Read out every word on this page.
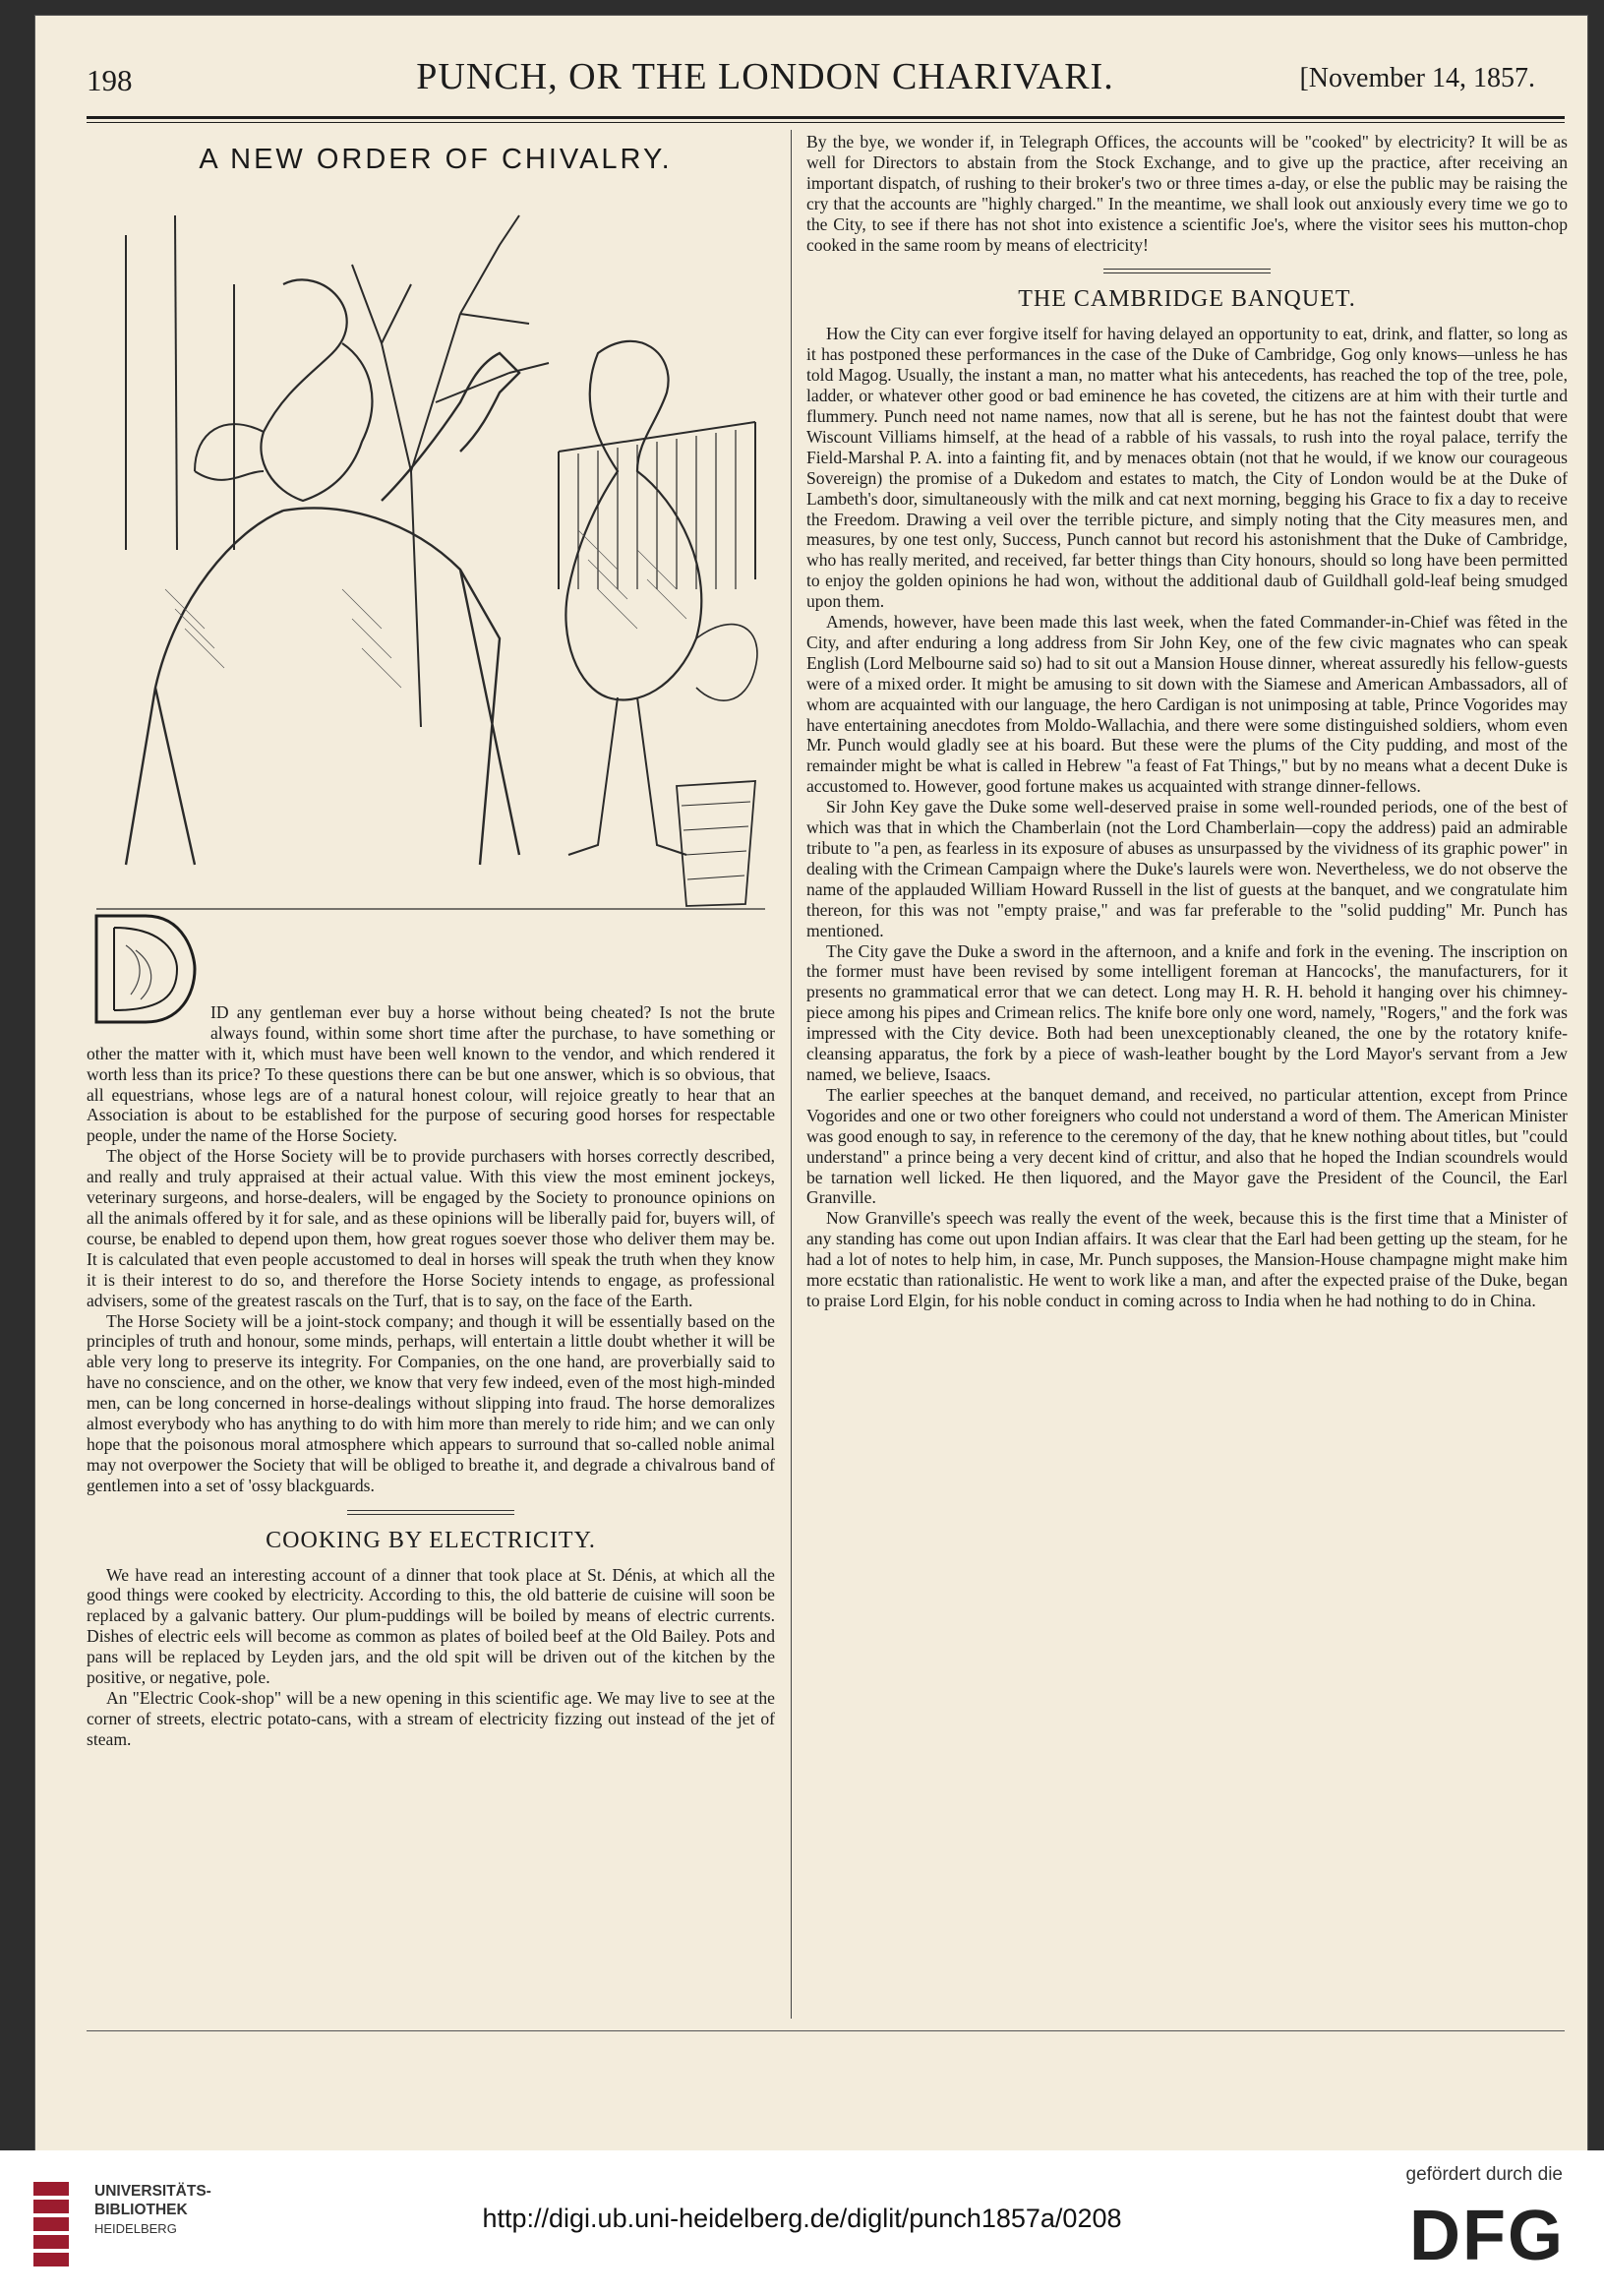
198	PUNCH, OR THE LONDON CHARIVARI.	[November 14, 1857.
A NEW ORDER OF CHIVALRY.

ID any gentleman ever buy a horse without being cheated? Is not the brute always found, within some short time after the purchase, to have something or other the matter with it, which must have been well known to the vendor, and which rendered it worth less than its price? To these questions there can be but one answer, which is so obvious, that all equestrians, whose legs are of a natural honest colour, will rejoice greatly to hear that an Association is about to be established for the purpose of securing good horses for respectable people, under the name of the Horse Society.

The object of the Horse Society will be to provide purchasers with horses correctly described, and really and truly appraised at their actual value. With this view the most eminent jockeys, veterinary surgeons, and horse-dealers, will be engaged by the Society to pronounce opinions on all the animals offered by it for sale, and as these opinions will be liberally paid for, buyers will, of course, be enabled to depend upon them, how great rogues soever those who deliver them may be. It is calculated that even people accustomed to deal in horses will speak the truth when they know it is their interest to do so, and therefore the Horse Society intends to engage, as professional advisers, some of the greatest rascals on the Turf, that is to say, on the face of the Earth.

The Horse Society will be a joint-stock company; and though it will be essentially based on the principles of truth and honour, some minds, perhaps, will entertain a little doubt whether it will be able very long to preserve its integrity. For Companies, on the one hand, are proverbially said to have no conscience, and on the other, we know that very few indeed, even of the most high-minded men, can be long concerned in horse-dealings without slipping into fraud. The horse demoralizes almost everybody who has anything to do with him more than merely to ride him; and we can only hope that the poisonous moral atmosphere which appears to surround that so-called noble animal may not overpower the Society that will be obliged to breathe it, and degrade a chivalrous band of gentlemen into a set of 'ossy blackguards.

COOKING BY ELECTRICITY.

We have read an interesting account of a dinner that took place at St. Dénis, at which all the good things were cooked by electricity. According to this, the old batterie de cuisine will soon be replaced by a galvanic battery. Our plum-puddings will be boiled by means of electric currents. Dishes of electric eels will become as common as plates of boiled beef at the Old Bailey. Pots and pans will be replaced by Leyden jars, and the old spit will be driven out of the kitchen by the positive, or negative, pole.

An "Electric Cook-shop" will be a new opening in this scientific age. We may live to see at the corner of streets, electric potato-cans, with a stream of electricity fizzing out instead of the jet of steam.

By the bye, we wonder if, in Telegraph Offices, the accounts will be "cooked" by electricity? It will be as well for Directors to abstain from the Stock Exchange, and to give up the practice, after receiving an important dispatch, of rushing to their broker's two or three times a-day, or else the public may be raising the cry that the accounts are "highly charged." In the meantime, we shall look out anxiously every time we go to the City, to see if there has not shot into existence a scientific Joe's, where the visitor sees his mutton-chop cooked in the same room by means of electricity!

THE CAMBRIDGE BANQUET.

How the City can ever forgive itself for having delayed an opportunity to eat, drink, and flatter, so long as it has postponed these performances in the case of the Duke of Cambridge, Gog only knows—unless he has told Magog. Usually, the instant a man, no matter what his antecedents, has reached the top of the tree, pole, ladder, or whatever other good or bad eminence he has coveted, the citizens are at him with their turtle and flummery. Punch need not name names, now that all is serene, but he has not the faintest doubt that were Wiscount Villiams himself, at the head of a rabble of his vassals, to rush into the royal palace, terrify the Field-Marshal P. A. into a fainting fit, and by menaces obtain (not that he would, if we know our courageous Sovereign) the promise of a Dukedom and estates to match, the City of London would be at the Duke of Lambeth's door, simultaneously with the milk and cat next morning, begging his Grace to fix a day to receive the Freedom. Drawing a veil over the terrible picture, and simply noting that the City measures men, and measures, by one test only, Success, Punch cannot but record his astonishment that the Duke of Cambridge, who has really merited, and received, far better things than City honours, should so long have been permitted to enjoy the golden opinions he had won, without the additional daub of Guildhall gold-leaf being smudged upon them.

Amends, however, have been made this last week, when the fated Commander-in-Chief was fêted in the City, and after enduring a long address from Sir John Key, one of the few civic magnates who can speak English (Lord Melbourne said so) had to sit out a Mansion House dinner, whereat assuredly his fellow-guests were of a mixed order. It might be amusing to sit down with the Siamese and American Ambassadors, all of whom are acquainted with our language, the hero Cardigan is not unimposing at table, Prince Vogorides may have entertaining anecdotes from Moldo-Wallachia, and there were some distinguished soldiers, whom even Mr. Punch would gladly see at his board. But these were the plums of the City pudding, and most of the remainder might be what is called in Hebrew "a feast of Fat Things," but by no means what a decent Duke is accustomed to. However, good fortune makes us acquainted with strange dinner-fellows.

Sir John Key gave the Duke some well-deserved praise in some well-rounded periods, one of the best of which was that in which the Chamberlain (not the Lord Chamberlain—copy the address) paid an admirable tribute to "a pen, as fearless in its exposure of abuses as unsurpassed by the vividness of its graphic power" in dealing with the Crimean Campaign where the Duke's laurels were won. Nevertheless, we do not observe the name of the applauded William Howard Russell in the list of guests at the banquet, and we congratulate him thereon, for this was not "empty praise," and was far preferable to the "solid pudding" Mr. Punch has mentioned.

The City gave the Duke a sword in the afternoon, and a knife and fork in the evening. The inscription on the former must have been revised by some intelligent foreman at Hancocks', the manufacturers, for it presents no grammatical error that we can detect. Long may H. R. H. behold it hanging over his chimney-piece among his pipes and Crimean relics. The knife bore only one word, namely, "Rogers," and the fork was impressed with the City device. Both had been unexceptionably cleaned, the one by the rotatory knife-cleansing apparatus, the fork by a piece of wash-leather bought by the Lord Mayor's servant from a Jew named, we believe, Isaacs.

The earlier speeches at the banquet demand, and received, no particular attention, except from Prince Vogorides and one or two other foreigners who could not understand a word of them. The American Minister was good enough to say, in reference to the ceremony of the day, that he knew nothing about titles, but "could understand" a prince being a very decent kind of crittur, and also that he hoped the Indian scoundrels would be tarnation well licked. He then liquored, and the Mayor gave the President of the Council, the Earl Granville.

Now Granville's speech was really the event of the week, because this is the first time that a Minister of any standing has come out upon Indian affairs. It was clear that the Earl had been getting up the steam, for he had a lot of notes to help him, in case, Mr. Punch supposes, the Mansion-House champagne might make him more ecstatic than rationalistic. He went to work like a man, and after the expected praise of the Duke, began to praise Lord Elgin, for his noble conduct in coming across to India when he had nothing to do in China.

UNIVERSITÄTS-
BIBLIOTHEK
HEIDELBERG	http://digi.ub.uni-heidelberg.de/diglit/punch1857a/0208
gefördert durch die
DFG
